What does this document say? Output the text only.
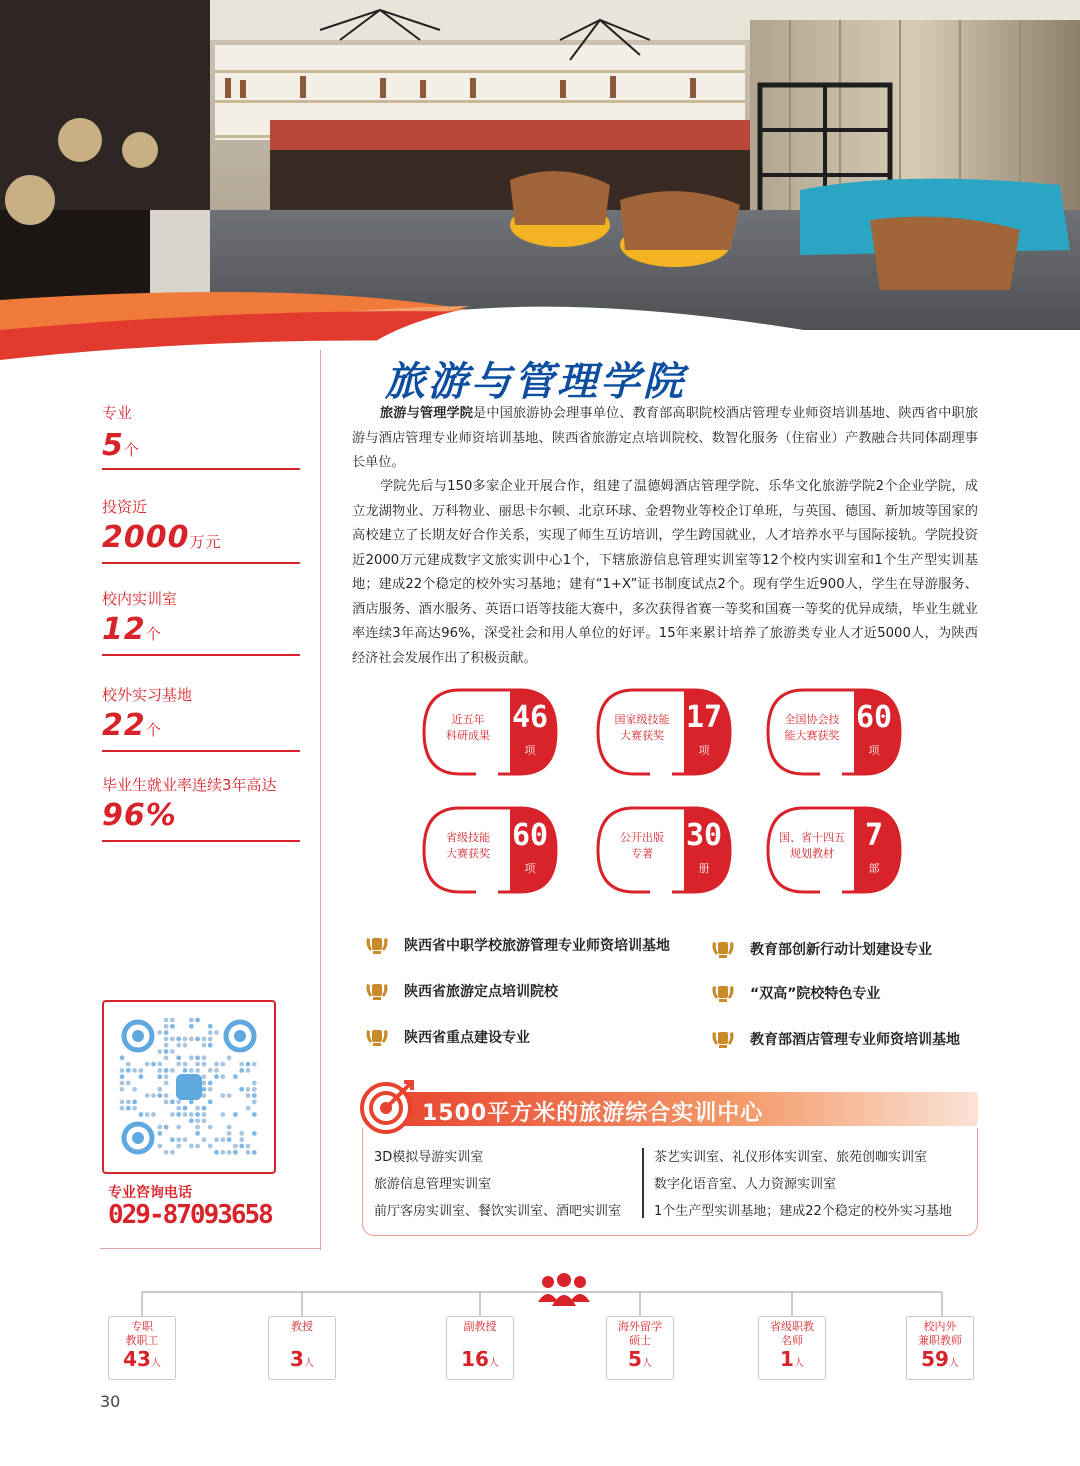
专业
5个
投资近
2000万元
校内实训室
12个
校外实习基地
22个
毕业生就业率连续3年高达
96%
旅游与管理学院
旅游与管理学院是中国旅游协会理事单位、教育部高职院校酒店管理专业师资培训基地、陕西省中职旅游与酒店管理专业师资培训基地、陕西省旅游定点培训院校、数智化服务（住宿业）产教融合共同体副理事长单位。
学院先后与150多家企业开展合作，组建了温德姆酒店管理学院、乐华文化旅游学院2个企业学院，成立龙湖物业、万科物业、丽思卡尔顿、北京环球、金碧物业等校企订单班，与英国、德国、新加坡等国家的高校建立了长期友好合作关系，实现了师生互访培训，学生跨国就业，人才培养水平与国际接轨。学院投资近2000万元建成数字文旅实训中心1个，下辖旅游信息管理实训室等12个校内实训室和1个生产型实训基地；建成22个稳定的校外实习基地；建有“1+X”证书制度试点2个。现有学生近900人，学生在导游服务、酒店服务、酒水服务、英语口语等技能大赛中，多次获得省赛一等奖和国赛一等奖的优异成绩，毕业生就业率连续3年高达96%，深受社会和用人单位的好评。15年来累计培养了旅游类专业人才近5000人，为陕西经济社会发展作出了积极贡献。
近五年
科研成果
46
项
国家级技能
大赛获奖
17
项
全国协会技
能大赛获奖
60
项
省级技能
大赛获奖
60
项
公开出版
专著
30
册
国、省十四五
规划教材
7
部
陕西省中职学校旅游管理专业师资培训基地	教育部创新行动计划建设专业
陕西省旅游定点培训院校	“双高”院校特色专业
陕西省重点建设专业	教育部酒店管理专业师资培训基地
1500平方米的旅游综合实训中心
3D模拟导游实训室
旅游信息管理实训室
前厅客房实训室、餐饮实训室、酒吧实训室
茶艺实训室、礼仪形体实训室、旅苑创咖实训室
数字化语音室、人力资源实训室
1个生产型实训基地；建成22个稳定的校外实习基地
专业咨询电话
029-87093658
专职
教职工
43人
教授
3人
副教授
16人
海外留学
硕士
5人
省级职教
名师
1人
校内外
兼职教师
59人
30
